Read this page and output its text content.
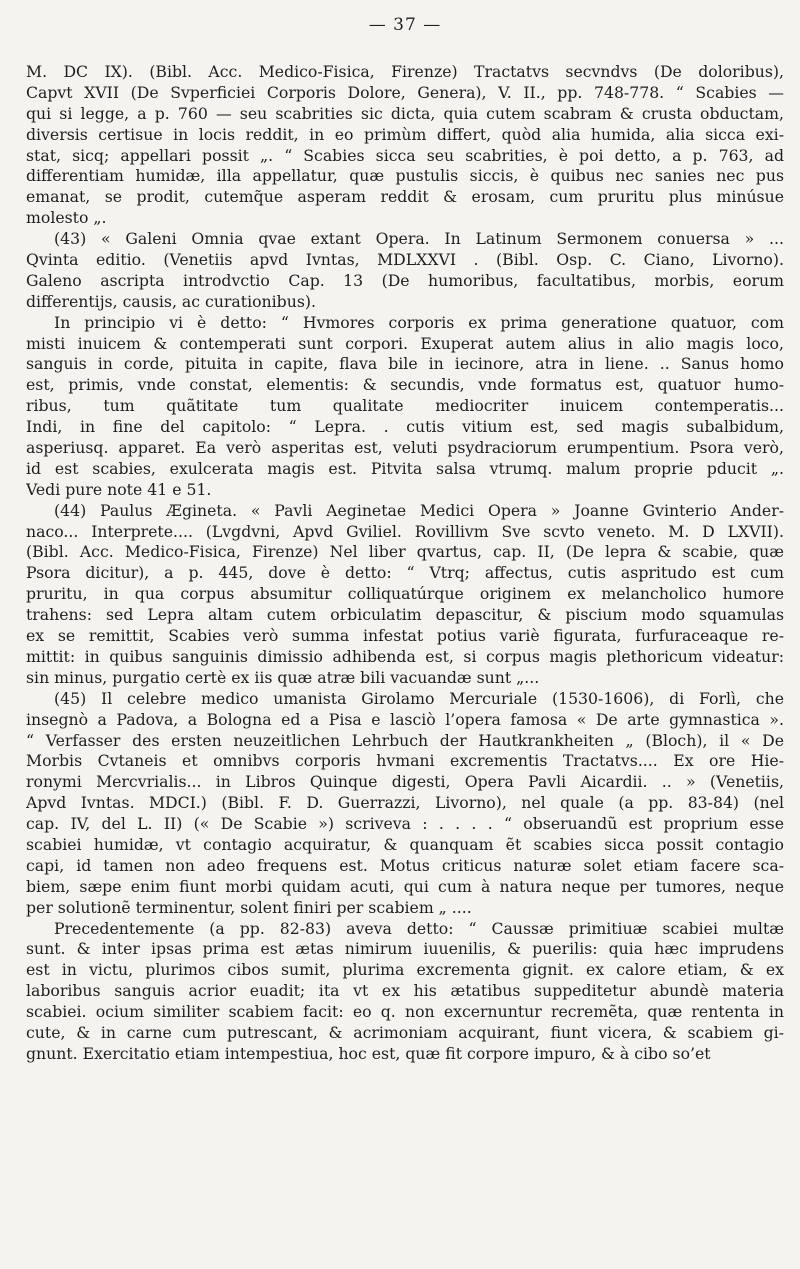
— 37 —
M. DC IX). (Bibl. Acc. Medico-Fisica, Firenze) Tractatvs secvndvs (De doloribus),
Capvt XVII (De Svperficiei Corporis Dolore, Genera), V. II., pp. 748-778. “ Scabies —
qui si legge, a p. 760 — seu scabrities sic dicta, quia cutem scabram & crusta obductam,
diversis certisue in locis reddit, in eo primùm differt, quòd alia humida, alia sicca exi-
stat, sicq; appellari possit „. “ Scabies sicca seu scabrities, è poi detto, a p. 763, ad
differentiam humidæ, illa appellatur, quæ pustulis siccis, è quibus nec sanies nec pus
emanat, se prodit, cutemq̃ue asperam reddit & erosam, cum pruritu plus minúsue
molesto „.
(43) « Galeni Omnia qvae extant Opera. In Latinum Sermonem conuersa » ...
Qvinta editio. (Venetiis apvd Ivntas, MDLXXVI . (Bibl. Osp. C. Ciano, Livorno).
Galeno ascripta introdvctio Cap. 13 (De humoribus, facultatibus, morbis, eorum
differentijs, causis, ac curationibus).
In principio vi è detto: “ Hvmores corporis ex prima generatione quatuor, com
misti inuicem & contemperati sunt corpori. Exuperat autem alius in alio magis loco,
sanguis in corde, pituita in capite, flava bile in iecinore, atra in liene. .. Sanus homo
est, primis, vnde constat, elementis: & secundis, vnde formatus est, quatuor humo-
ribus, tum quãtitate tum qualitate mediocriter inuicem contemperatis...
Indi, in fine del capitolo: “ Lepra. . cutis vitium est, sed magis subalbidum,
asperiusq. apparet. Ea verò asperitas est, veluti psydraciorum erumpentium. Psora verò,
id est scabies, exulcerata magis est. Pitvita salsa vtrumq. malum proprie pducit „.
Vedi pure note 41 e 51.
(44) Paulus Ægineta. « Pavli Aeginetae Medici Opera » Joanne Gvinterio Ander-
naco... Interprete.... (Lvgdvni, Apvd Gviliel. Rovillivm Sve scvto veneto. M. D LXVII).
(Bibl. Acc. Medico-Fisica, Firenze) Nel liber qvartus, cap. II, (De lepra & scabie, quæ
Psora dicitur), a p. 445, dove è detto: “ Vtrq; affectus, cutis aspritudo est cum
pruritu, in qua corpus absumitur colliquatúrque originem ex melancholico humore
trahens: sed Lepra altam cutem orbiculatim depascitur, & piscium modo squamulas
ex se remittit, Scabies verò summa infestat potius variè figurata, furfuraceaque re-
mittit: in quibus sanguinis dimissio adhibenda est, si corpus magis plethoricum videatur:
sin minus, purgatio certè ex iis quæ atræ bili vacuandæ sunt „...
(45) Il celebre medico umanista Girolamo Mercuriale (1530-1606), di Forlì, che
insegnò a Padova, a Bologna ed a Pisa e lasciò l’opera famosa « De arte gymnastica ».
“ Verfasser des ersten neuzeitlichen Lehrbuch der Hautkrankheiten „ (Bloch), il « De
Morbis Cvtaneis et omnibvs corporis hvmani excrementis Tractatvs.... Ex ore Hie-
ronymi Mercvrialis... in Libros Quinque digesti, Opera Pavli Aicardii. .. » (Venetiis,
Apvd Ivntas. MDCI.) (Bibl. F. D. Guerrazzi, Livorno), nel quale (a pp. 83-84) (nel
cap. IV, del L. II) (« De Scabie ») scriveva : . . . . “ obseruandũ est proprium esse
scabiei humidæ, vt contagio acquiratur, & quanquam ẽt scabies sicca possit contagio
capi, id tamen non adeo frequens est. Motus criticus naturæ solet etiam facere sca-
biem, sæpe enim fiunt morbi quidam acuti, qui cum à natura neque per tumores, neque
per solutionẽ terminentur, solent finiri per scabiem „ ....
Precedentemente (a pp. 82-83) aveva detto: “ Caussæ primitiuæ scabiei multæ
sunt. & inter ipsas prima est ætas nimirum iuuenilis, & puerilis: quia hæc imprudens
est in victu, plurimos cibos sumit, plurima excrementa gignit. ex calore etiam, & ex
laboribus sanguis acrior euadit; ita vt ex his ætatibus suppeditetur abundè materia
scabiei. ocium similiter scabiem facit: eo q. non excernuntur recremẽta, quæ rententa in
cute, & in carne cum putrescant, & acrimoniam acquirant, fiunt vicera, & scabiem gi-
gnunt. Exercitatio etiam intempestiua, hoc est, quæ fit corpore impuro, & à cibo so’et
